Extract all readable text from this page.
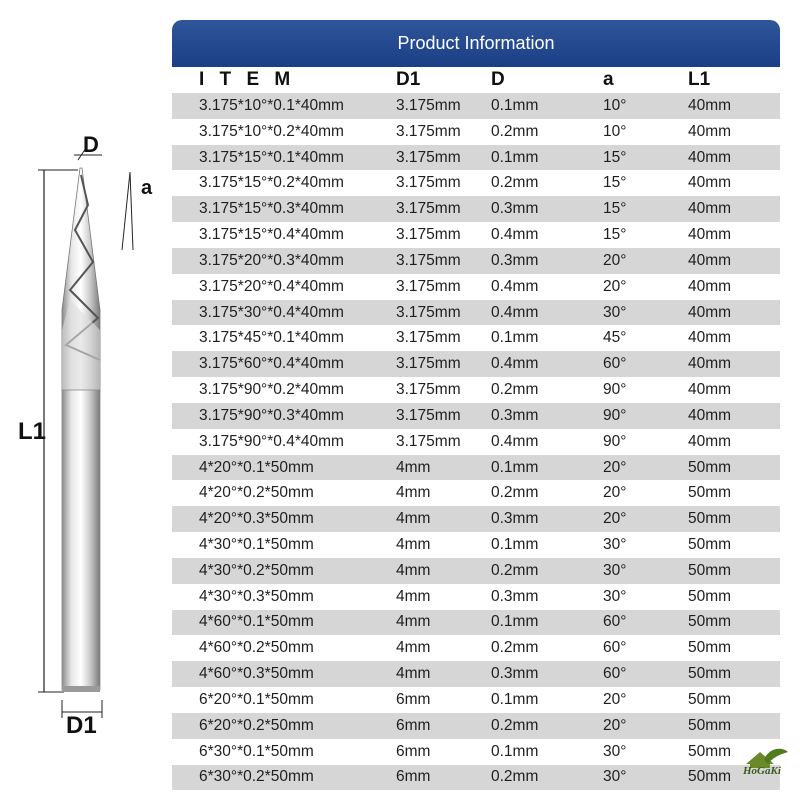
D
a
L1
D1
Product Information
I T E M	D1	D	a	L1
3.175*10°*0.1*40mm	3.175mm	0.1mm	10°	40mm
3.175*10°*0.2*40mm	3.175mm	0.2mm	10°	40mm
3.175*15°*0.1*40mm	3.175mm	0.1mm	15°	40mm
3.175*15°*0.2*40mm	3.175mm	0.2mm	15°	40mm
3.175*15°*0.3*40mm	3.175mm	0.3mm	15°	40mm
3.175*15°*0.4*40mm	3.175mm	0.4mm	15°	40mm
3.175*20°*0.3*40mm	3.175mm	0.3mm	20°	40mm
3.175*20°*0.4*40mm	3.175mm	0.4mm	20°	40mm
3.175*30°*0.4*40mm	3.175mm	0.4mm	30°	40mm
3.175*45°*0.1*40mm	3.175mm	0.1mm	45°	40mm
3.175*60°*0.4*40mm	3.175mm	0.4mm	60°	40mm
3.175*90°*0.2*40mm	3.175mm	0.2mm	90°	40mm
3.175*90°*0.3*40mm	3.175mm	0.3mm	90°	40mm
3.175*90°*0.4*40mm	3.175mm	0.4mm	90°	40mm
4*20°*0.1*50mm	4mm	0.1mm	20°	50mm
4*20°*0.2*50mm	4mm	0.2mm	20°	50mm
4*20°*0.3*50mm	4mm	0.3mm	20°	50mm
4*30°*0.1*50mm	4mm	0.1mm	30°	50mm
4*30°*0.2*50mm	4mm	0.2mm	30°	50mm
4*30°*0.3*50mm	4mm	0.3mm	30°	50mm
4*60°*0.1*50mm	4mm	0.1mm	60°	50mm
4*60°*0.2*50mm	4mm	0.2mm	60°	50mm
4*60°*0.3*50mm	4mm	0.3mm	60°	50mm
6*20°*0.1*50mm	6mm	0.1mm	20°	50mm
6*20°*0.2*50mm	6mm	0.2mm	20°	50mm
6*30°*0.1*50mm	6mm	0.1mm	30°	50mm
6*30°*0.2*50mm	6mm	0.2mm	30°	50mm	HoGaKi
